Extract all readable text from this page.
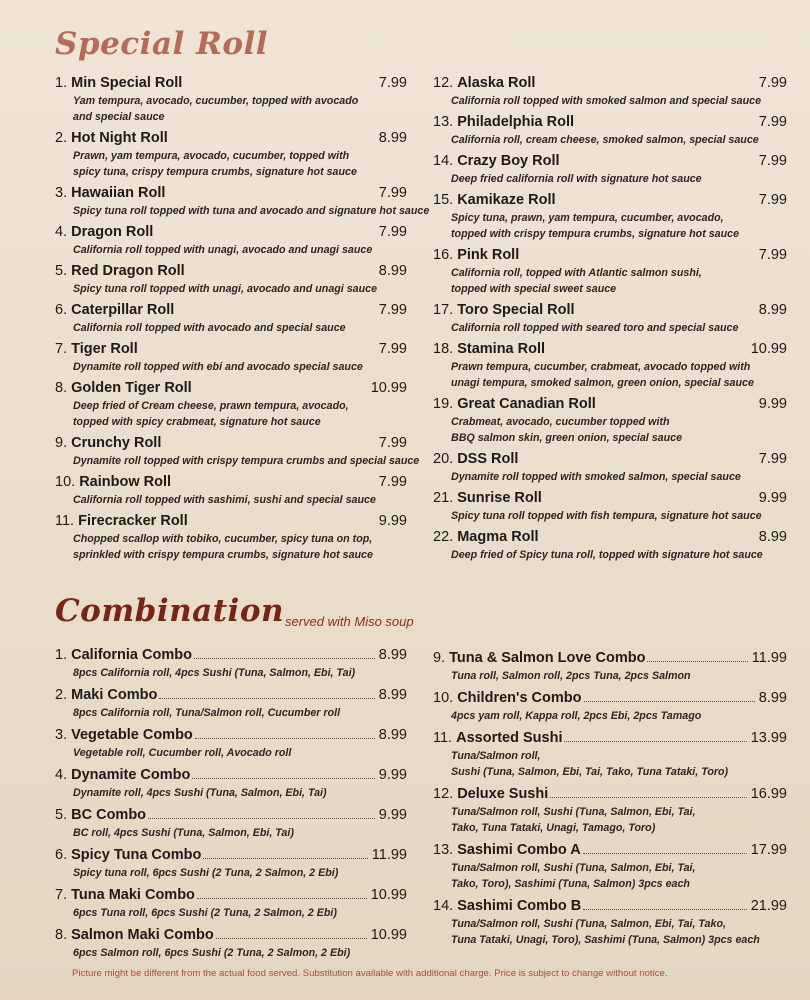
Special Roll
1.
Min Special Roll	7.99
Yam tempura, avocado, cucumber, topped with avocado
and special sauce
2.
Hot Night Roll	8.99
Prawn, yam tempura, avocado, cucumber, topped with
spicy tuna, crispy tempura crumbs, signature hot sauce
3.
Hawaiian Roll	7.99
Spicy tuna roll topped with tuna and avocado and signature hot sauce
4.
Dragon Roll	7.99
California roll topped with unagi, avocado and unagi sauce
5.
Red Dragon Roll	8.99
Spicy tuna roll topped with unagi, avocado and unagi sauce
6.
Caterpillar Roll	7.99
California roll topped with avocado and special sauce
7.
Tiger Roll	7.99
Dynamite roll topped with ebi and avocado special sauce
8.
Golden Tiger Roll	10.99
Deep fried of Cream cheese, prawn tempura, avocado,
topped with spicy crabmeat, signature hot sauce
9.
Crunchy Roll	7.99
Dynamite roll topped with crispy tempura crumbs and special sauce
10.
Rainbow Roll	7.99
California roll topped with sashimi, sushi and special sauce
11.
Firecracker Roll	9.99
Chopped scallop with tobiko, cucumber, spicy tuna on top,
sprinkled with crispy tempura crumbs, signature hot sauce
12.
Alaska Roll	7.99
California roll topped with smoked salmon and special sauce
13.
Philadelphia Roll	7.99
California roll, cream cheese, smoked salmon, special sauce
14.
Crazy Boy Roll	7.99
Deep fried california roll with signature hot sauce
15.
Kamikaze Roll	7.99
Spicy tuna, prawn, yam tempura, cucumber, avocado,
topped with crispy tempura crumbs, signature hot sauce
16.
Pink Roll	7.99
California roll, topped with Atlantic salmon sushi,
topped with special sweet sauce
17.
Toro Special Roll	8.99
California roll topped with seared toro and special sauce
18.
Stamina Roll	10.99
Prawn tempura, cucumber, crabmeat, avocado topped with
unagi tempura, smoked salmon, green onion, special sauce
19.
Great Canadian Roll	9.99
Crabmeat, avocado, cucumber topped with
BBQ salmon skin, green onion, special sauce
20.
DSS Roll	7.99
Dynamite roll topped with smoked salmon, special sauce
21.
Sunrise Roll	9.99
Spicy tuna roll topped with fish tempura, signature hot sauce
22.
Magma Roll	8.99
Deep fried of Spicy tuna roll, topped with signature hot sauce
Combination served with Miso soup
1.
California Combo	8.99
8pcs California roll, 4pcs Sushi (Tuna, Salmon, Ebi, Tai)
2.
Maki Combo	8.99
8pcs California roll, Tuna/Salmon roll, Cucumber roll
3.
Vegetable Combo	8.99
Vegetable roll, Cucumber roll, Avocado roll
4.
Dynamite Combo	9.99
Dynamite roll, 4pcs Sushi (Tuna, Salmon, Ebi, Tai)
5.
BC Combo	9.99
BC roll, 4pcs Sushi (Tuna, Salmon, Ebi, Tai)
6.
Spicy Tuna Combo	11.99
Spicy tuna roll, 6pcs Sushi (2 Tuna, 2 Salmon, 2 Ebi)
7.
Tuna Maki Combo	10.99
6pcs Tuna roll, 6pcs Sushi (2 Tuna, 2 Salmon, 2 Ebi)
8.
Salmon Maki Combo	10.99
6pcs Salmon roll, 6pcs Sushi (2 Tuna, 2 Salmon, 2 Ebi)
9.
Tuna & Salmon Love Combo	11.99
Tuna roll, Salmon roll, 2pcs Tuna, 2pcs Salmon
10.
Children's Combo	8.99
4pcs yam roll, Kappa roll, 2pcs Ebi, 2pcs Tamago
11.
Assorted Sushi	13.99
Tuna/Salmon roll,
Sushi (Tuna, Salmon, Ebi, Tai, Tako, Tuna Tataki, Toro)
12.
Deluxe Sushi	16.99
Tuna/Salmon roll, Sushi (Tuna, Salmon, Ebi, Tai,
Tako, Tuna Tataki, Unagi, Tamago, Toro)
13.
Sashimi Combo A	17.99
Tuna/Salmon roll, Sushi (Tuna, Salmon, Ebi, Tai,
Tako, Toro), Sashimi (Tuna, Salmon) 3pcs each
14.
Sashimi Combo B	21.99
Tuna/Salmon roll, Sushi (Tuna, Salmon, Ebi, Tai, Tako,
Tuna Tataki, Unagi, Toro), Sashimi (Tuna, Salmon) 3pcs each
Picture might be different from the actual food served. Substitution available with additional charge. Price is subject to change without notice.
